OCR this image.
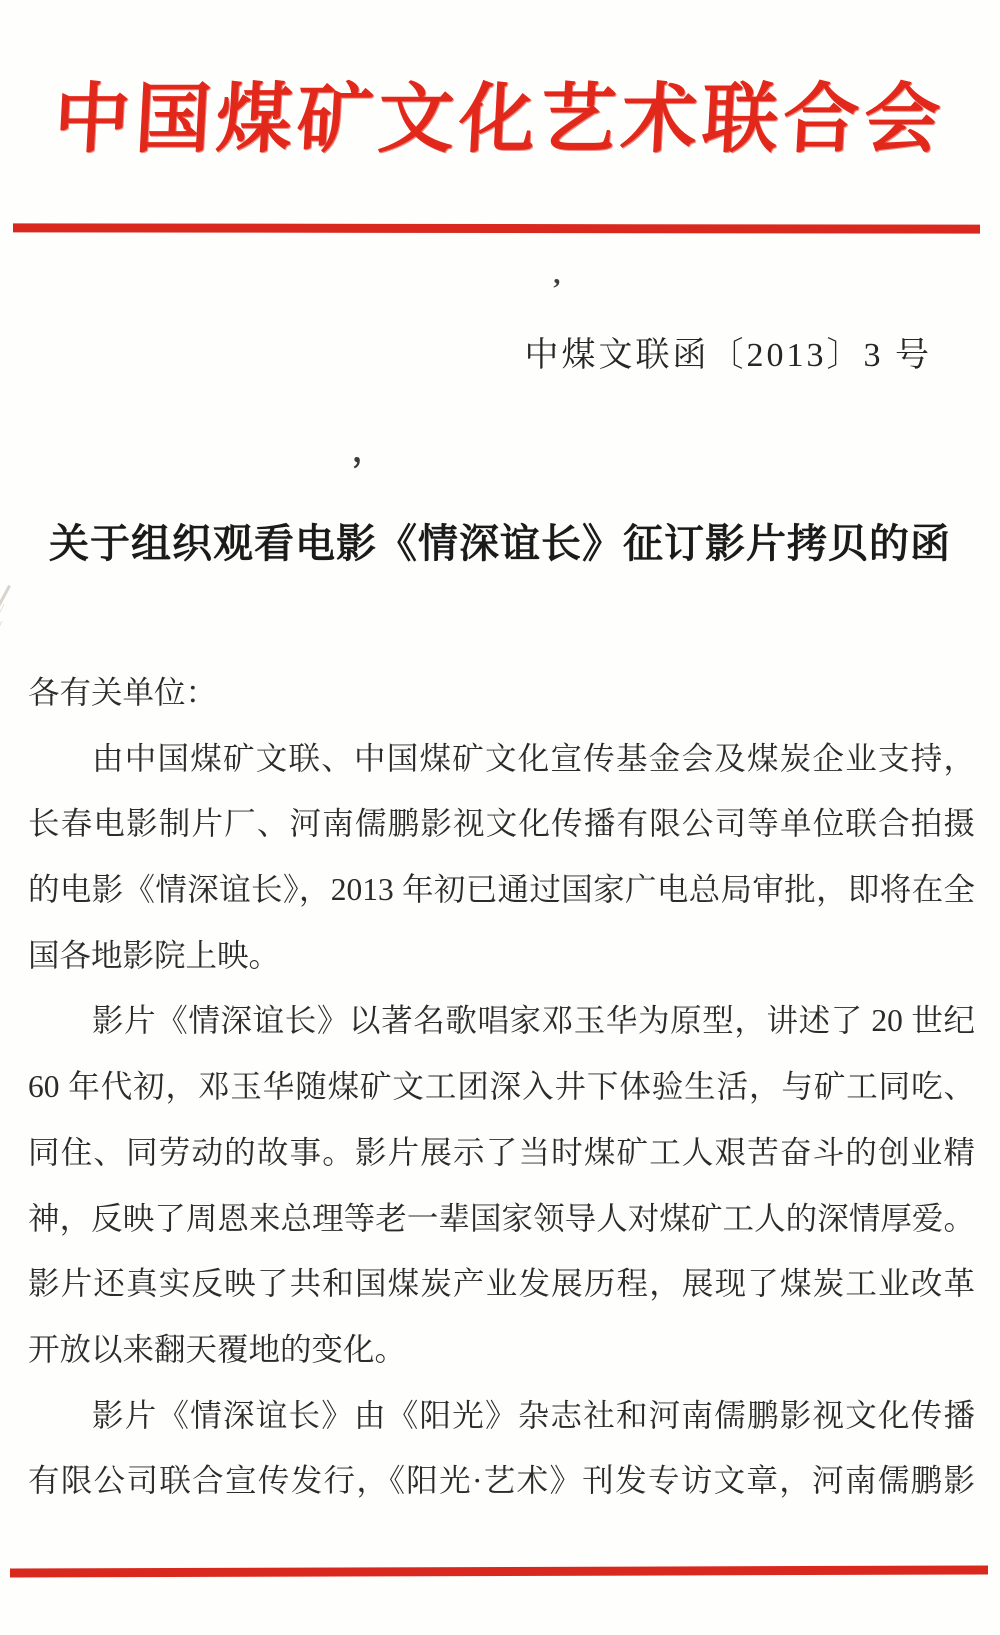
中国煤矿文化艺术联合会
中煤文联函〔2013〕3 号
’
，
关于组织观看电影《情深谊长》征订影片拷贝的函
各有关单位：
由中国煤矿文联、中国煤矿文化宣传基金会及煤炭企业支持，
长春电影制片厂、河南儒鹏影视文化传播有限公司等单位联合拍摄
的电影《情深谊长》，2013 年初已通过国家广电总局审批，即将在全
国各地影院上映。
影片《情深谊长》以著名歌唱家邓玉华为原型，讲述了 20 世纪
60 年代初，邓玉华随煤矿文工团深入井下体验生活，与矿工同吃、
同住、同劳动的故事。影片展示了当时煤矿工人艰苦奋斗的创业精
神，反映了周恩来总理等老一辈国家领导人对煤矿工人的深情厚爱。
影片还真实反映了共和国煤炭产业发展历程，展现了煤炭工业改革
开放以来翻天覆地的变化。
影片《情深谊长》由《阳光》杂志社和河南儒鹏影视文化传播
有限公司联合宣传发行，《阳光·艺术》刊发专访文章，河南儒鹏影
